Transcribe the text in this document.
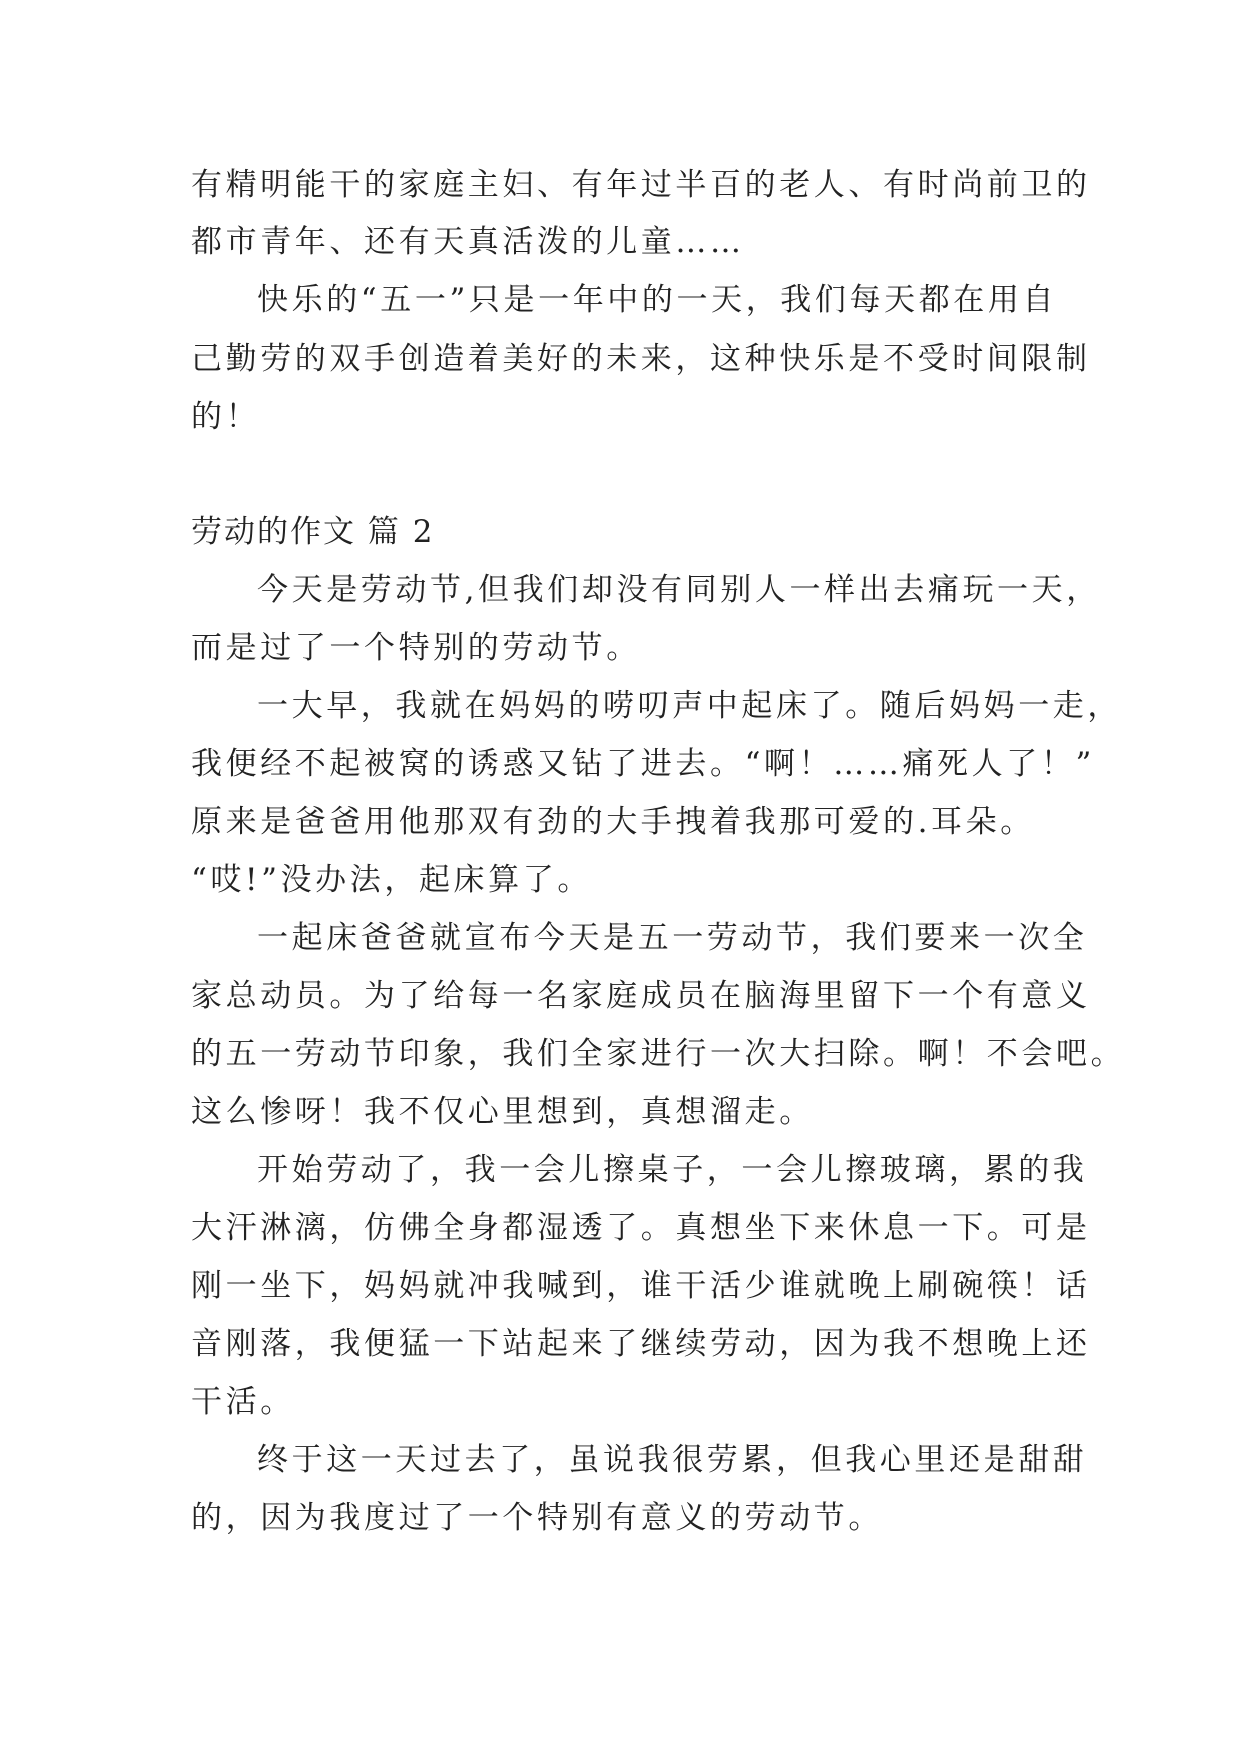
有精明能干的家庭主妇、有年过半百的老人、有时尚前卫的
都市青年、还有天真活泼的儿童……
快乐的“五一”只是一年中的一天，我们每天都在用自
己勤劳的双手创造着美好的未来，这种快乐是不受时间限制
的！
劳动的作文 篇 2
今天是劳动节,但我们却没有同别人一样出去痛玩一天，
而是过了一个特别的劳动节。
一大早，我就在妈妈的唠叨声中起床了。随后妈妈一走，
我便经不起被窝的诱惑又钻了进去。“啊！……痛死人了！”
原来是爸爸用他那双有劲的大手拽着我那可爱的.耳朵。
“哎!”没办法，起床算了。
一起床爸爸就宣布今天是五一劳动节，我们要来一次全
家总动员。为了给每一名家庭成员在脑海里留下一个有意义
的五一劳动节印象，我们全家进行一次大扫除。啊！不会吧。
这么惨呀！我不仅心里想到，真想溜走。
开始劳动了，我一会儿擦桌子，一会儿擦玻璃，累的我
大汗淋漓，仿佛全身都湿透了。真想坐下来休息一下。可是
刚一坐下，妈妈就冲我喊到，谁干活少谁就晚上刷碗筷！话
音刚落，我便猛一下站起来了继续劳动，因为我不想晚上还
干活。
终于这一天过去了，虽说我很劳累，但我心里还是甜甜
的，因为我度过了一个特别有意义的劳动节。
